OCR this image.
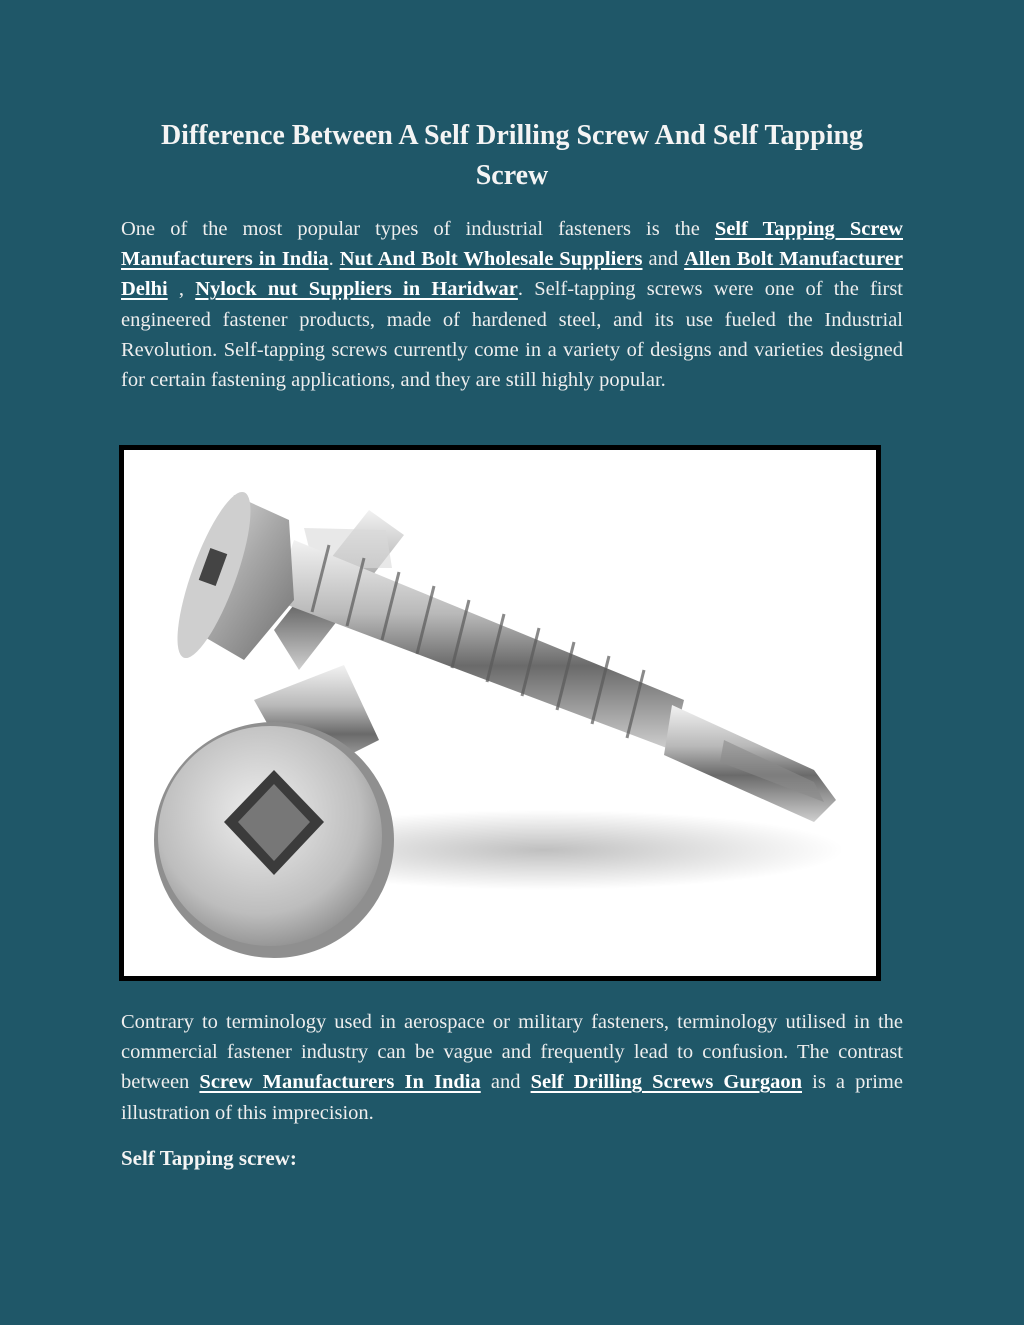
Difference Between A Self Drilling Screw And Self Tapping Screw

One of the most popular types of industrial fasteners is the Self Tapping Screw Manufacturers in India. Nut And Bolt Wholesale Suppliers and Allen Bolt Manufacturer Delhi , Nylock nut Suppliers in Haridwar. Self-tapping screws were one of the first engineered fastener products, made of hardened steel, and its use fueled the Industrial Revolution. Self-tapping screws currently come in a variety of designs and varieties designed for certain fastening applications, and they are still highly popular.

Contrary to terminology used in aerospace or military fasteners, terminology utilised in the commercial fastener industry can be vague and frequently lead to confusion. The contrast between Screw Manufacturers In India and Self Drilling Screws Gurgaon is a prime illustration of this imprecision.

Self Tapping screw:
